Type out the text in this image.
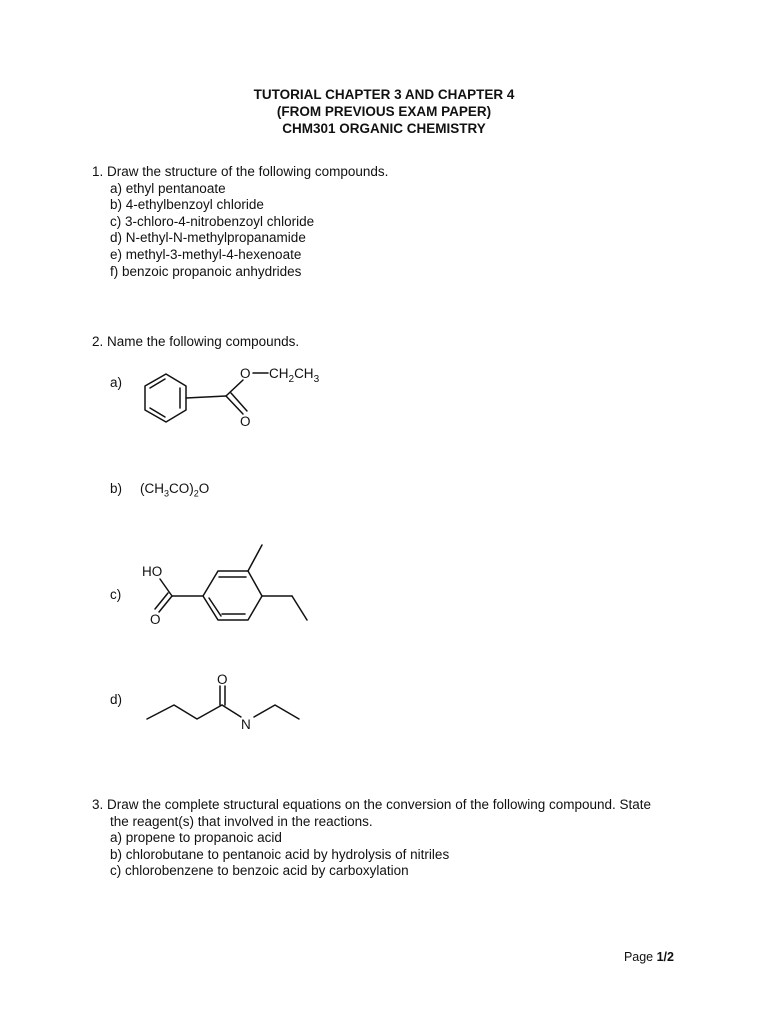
TUTORIAL CHAPTER 3 AND CHAPTER 4
(FROM PREVIOUS EXAM PAPER)
CHM301 ORGANIC CHEMISTRY
1. Draw the structure of the following compounds.
a) ethyl pentanoate
b) 4-ethylbenzoyl chloride
c) 3-chloro-4-nitrobenzoyl chloride
d) N-ethyl-N-methylpropanamide
e) methyl-3-methyl-4-hexenoate
f) benzoic propanoic anhydrides
2. Name the following compounds.
a)
O
O
$CH_2CH_3$
b) $(CH_3CO)_2O$
c)
HO
O
d)
O
N
3. Draw the complete structural equations on the conversion of the following compound. State
the reagent(s) that involved in the reactions.
a) propene to propanoic acid
b) chlorobutane to pentanoic acid by hydrolysis of nitriles
c) chlorobenzene to benzoic acid by carboxylation
Page 1/2
